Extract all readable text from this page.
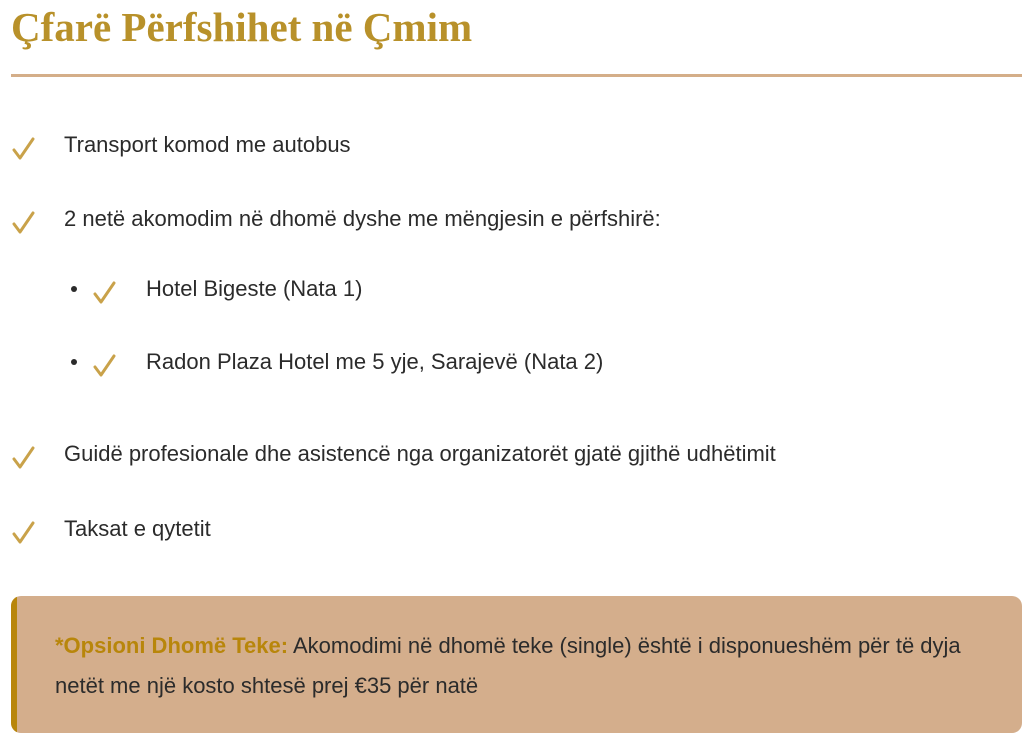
Çfarë Përfshihet në Çmim
Transport komod me autobus
2 netë akomodim në dhomë dyshe me mëngjesin e përfshirë:
Hotel Bigeste (Nata 1)
Radon Plaza Hotel me 5 yje, Sarajevë (Nata 2)
Guidë profesionale dhe asistencë nga organizatorët gjatë gjithë udhëtimit
Taksat e qytetit
*Opsioni Dhomë Teke: Akomodimi në dhomë teke (single) është i disponueshëm për të dyja netët me një kosto shtesë prej €35 për natë
